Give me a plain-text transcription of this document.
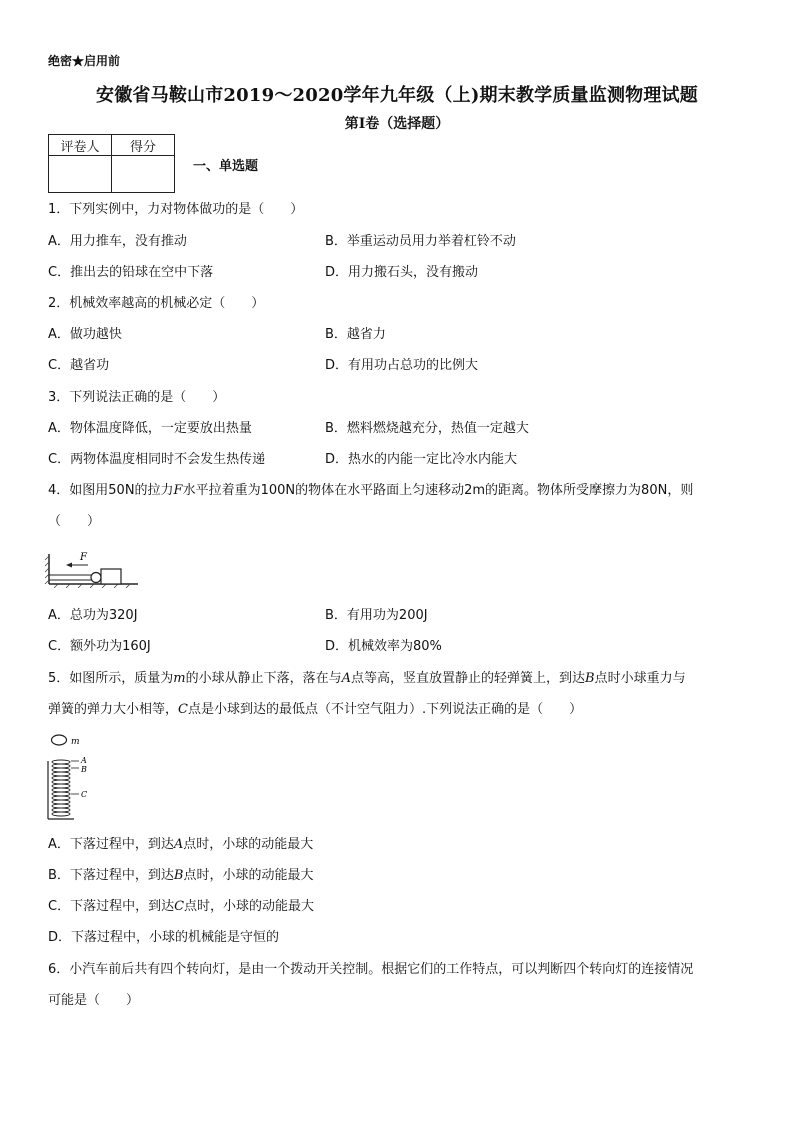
绝密★启用前
安徽省马鞍山市2019～2020学年九年级（上)期末教学质量监测物理试题
第I卷（选择题）
评卷人	得分

一、单选题
1．下列实例中，力对物体做功的是（　　）
A．用力推车，没有推动	B．举重运动员用力举着杠铃不动
C．推出去的铅球在空中下落	D．用力搬石头，没有搬动
2．机械效率越高的机械必定（　　）
A．做功越快	B．越省力
C．越省功	D．有用功占总功的比例大
3．下列说法正确的是（　　）
A．物体温度降低，一定要放出热量	B．燃料燃烧越充分，热值一定越大
C．两物体温度相同时不会发生热传递	D．热水的内能一定比冷水内能大
4．如图用50N的拉力F水平拉着重为100N的物体在水平路面上匀速移动2m的距离。物体所受摩擦力为80N，则
（　　）
F
A．总功为320J	B．有用功为200J
C．额外功为160J	D．机械效率为80%
5．如图所示，质量为m的小球从静止下落，落在与A点等高，竖直放置静止的轻弹簧上，到达B点时小球重力与
弹簧的弹力大小相等，C点是小球到达的最低点（不计空气阻力）.下列说法正确的是（　　）
m
A
B
C
A．下落过程中，到达A点时，小球的动能最大
B．下落过程中，到达B点时，小球的动能最大
C．下落过程中，到达C点时，小球的动能最大
D．下落过程中，小球的机械能是守恒的
6．小汽车前后共有四个转向灯，是由一个拨动开关控制。根据它们的工作特点，可以判断四个转向灯的连接情况
可能是（　　）
